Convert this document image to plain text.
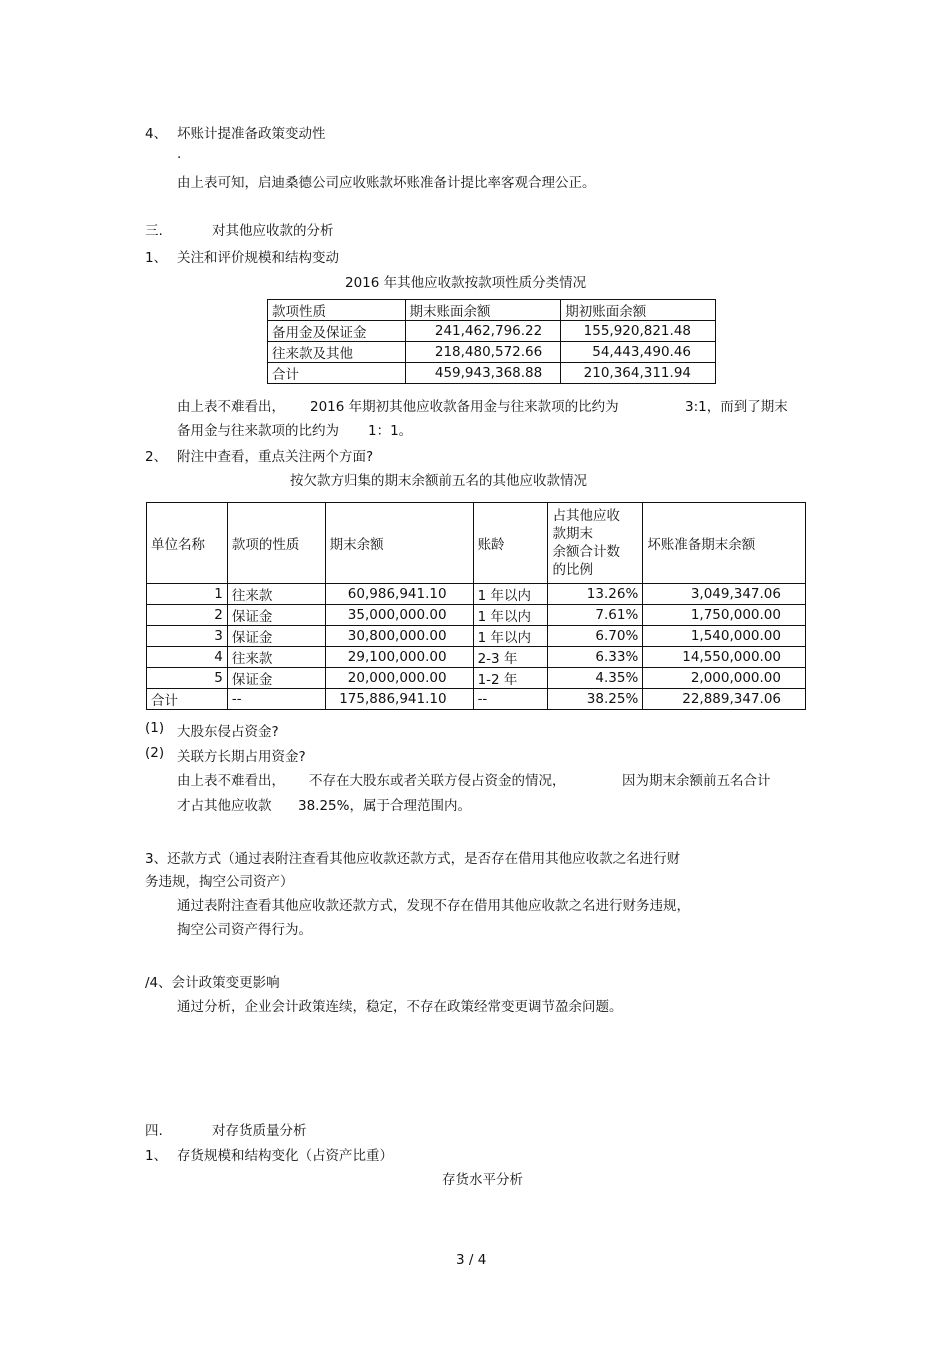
4、 坏账计提准备政策变动性
.
由上表可知，启迪桑德公司应收账款坏账准备计提比率客观合理公正。
三.	对其他应收款的分析
1、 关注和评价规模和结构变动
2016 年其他应收款按款项性质分类情况
款项性质	期末账面余额	期初账面余额
备用金及保证金	241,462,796.22	155,920,821.48
往来款及其他	218,480,572.66	54,443,490.46
合计	459,943,368.88	210,364,311.94
由上表不难看出， 2016 年期初其他应收款备用金与往来款项的比约为	3:1，而到了期末
备用金与往来款项的比约为 1：1。
2、 附注中查看，重点关注两个方面?
按欠款方归集的期末余额前五名的其他应收款情况
单位名称	款项的性质	期末余额	账龄	占其他应收
款期末
余额合计数
的比例	坏账准备期末余额
1	往来款	60,986,941.10	1 年以内	13.26%	3,049,347.06
2	保证金	35,000,000.00	1 年以内	7.61%	1,750,000.00
3	保证金	30,800,000.00	1 年以内	6.70%	1,540,000.00
4	往来款	29,100,000.00	2-3 年	6.33%	14,550,000.00
5	保证金	20,000,000.00	1-2 年	4.35%	2,000,000.00
合计	--	175,886,941.10	--	38.25%	22,889,347.06
(1) 大股东侵占资金?
(2) 关联方长期占用资金?
由上表不难看出， 不存在大股东或者关联方侵占资金的情况，	因为期末余额前五名合计
才占其他应收款 38.25%，属于合理范围内。
3、还款方式（通过表附注查看其他应收款还款方式，是否存在借用其他应收款之名进行财
务违规，掏空公司资产）
通过表附注查看其他应收款还款方式，发现不存在借用其他应收款之名进行财务违规，
掏空公司资产得行为。
/4、会计政策变更影响
通过分析，企业会计政策连续，稳定，不存在政策经常变更调节盈余问题。
四.	对存货质量分析
1、 存货规模和结构变化（占资产比重）
存货水平分析
3 / 4
